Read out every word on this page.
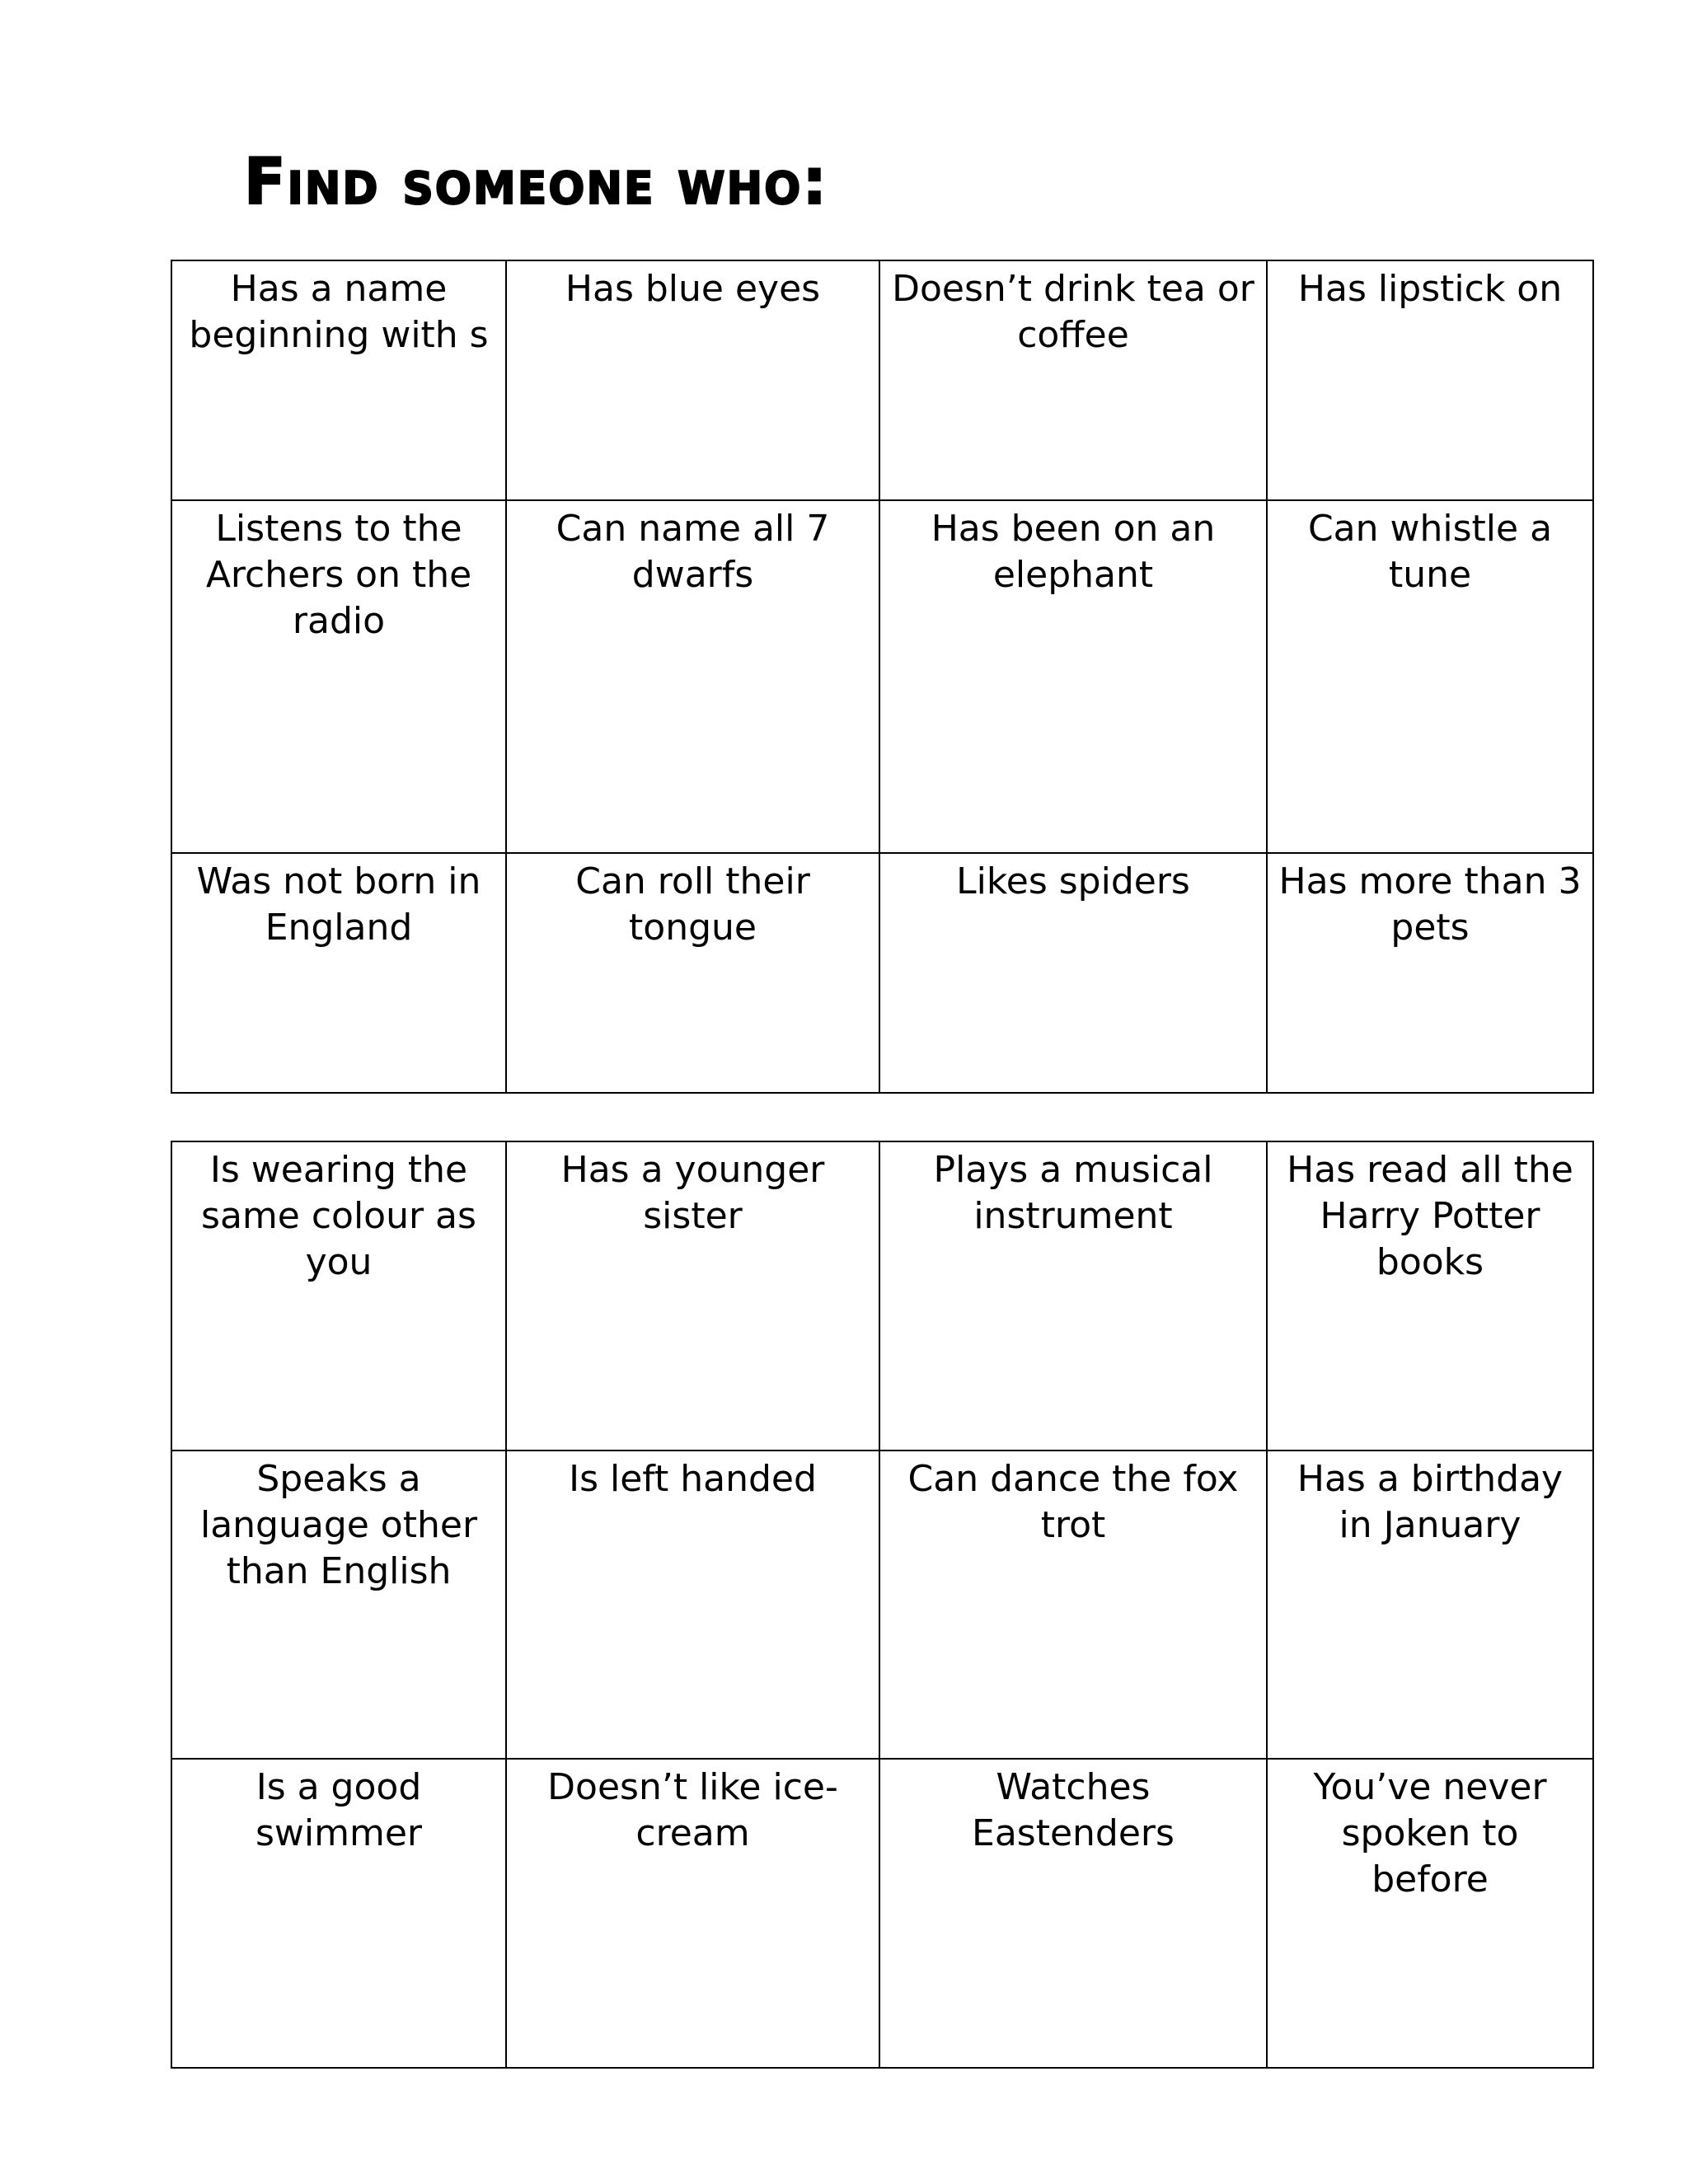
Find someone who:
Has a name beginning with s	Has blue eyes	Doesn’t drink tea or coffee	Has lipstick on

Listens to the Archers on the radio	Can name all 7 dwarfs	Has been on an elephant	Can whistle a tune

Was not born in England	Can roll their tongue	Likes spiders	Has more than 3 pets
Is wearing the same colour as you	Has a younger sister	Plays a musical instrument	Has read all the Harry Potter books

Speaks a language other than English	Is left handed	Can dance the fox trot	Has a birthday in January

Is a good swimmer	Doesn’t like ice-cream	Watches Eastenders	You’ve never spoken to before
